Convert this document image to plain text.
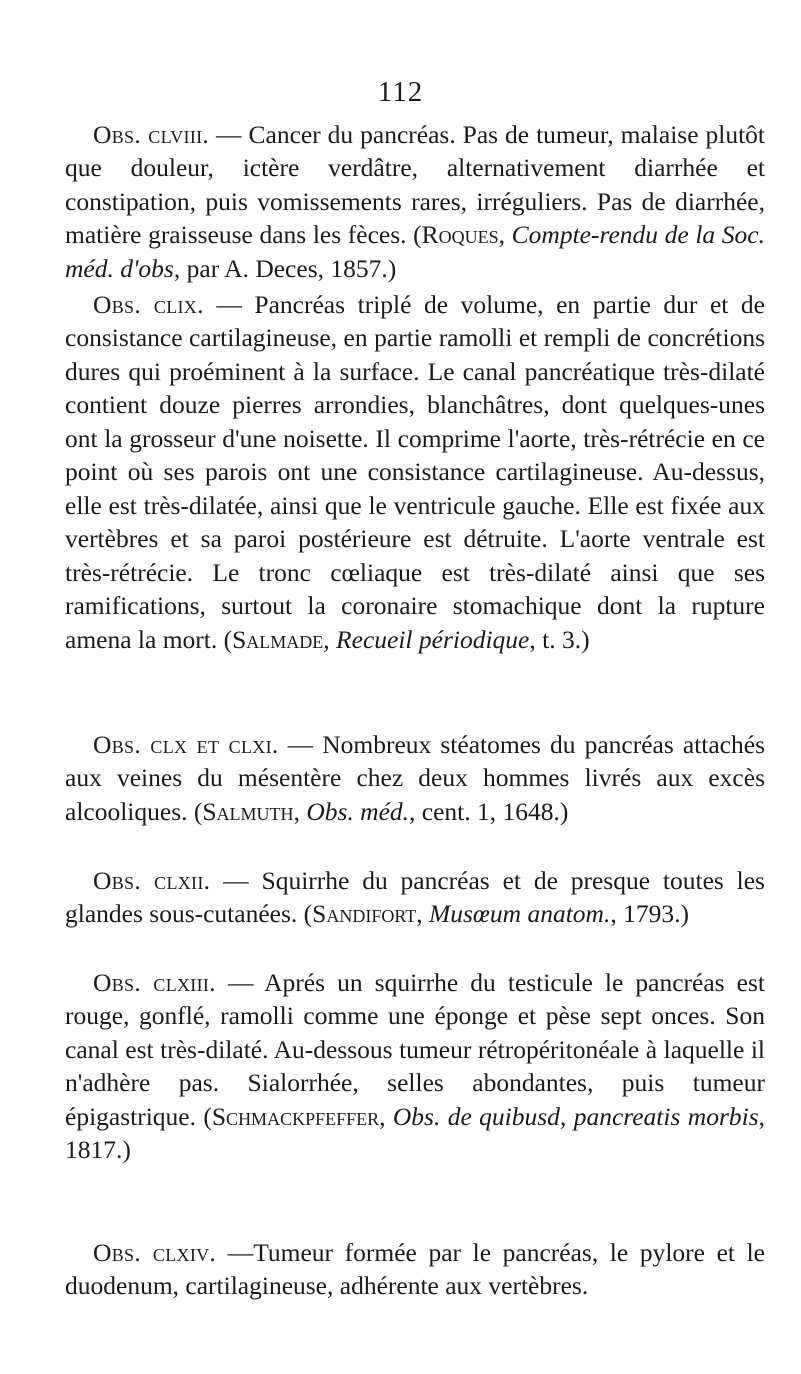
112

Obs. clviii. — Cancer du pancréas. Pas de tumeur, malaise plutôt que douleur, ictère verdâtre, alternativement diarrhée et constipation, puis vomissements rares, irréguliers. Pas de diarrhée, matière graisseuse dans les fèces. (Roques, Compte-rendu de la Soc. méd. d'obs, par A. Deces, 1857.)

Obs. clix. — Pancréas triplé de volume, en partie dur et de consistance cartilagineuse, en partie ramolli et rempli de concrétions dures qui proéminent à la surface. Le canal pancréatique très-dilaté contient douze pierres arrondies, blanchâtres, dont quelques-unes ont la grosseur d'une noisette. Il comprime l'aorte, très-rétrécie en ce point où ses parois ont une consistance cartilagineuse. Au-dessus, elle est très-dilatée, ainsi que le ventricule gauche. Elle est fixée aux vertèbres et sa paroi postérieure est détruite. L'aorte ventrale est très-rétrécie. Le tronc cœliaque est très-dilaté ainsi que ses ramifications, surtout la coronaire stomachique dont la rupture amena la mort. (Salmade, Recueil périodique, t. 3.)

Obs. clx et clxi. — Nombreux stéatomes du pancréas attachés aux veines du mésentère chez deux hommes livrés aux excès alcooliques. (Salmuth, Obs. méd., cent. 1, 1648.)

Obs. clxii. — Squirrhe du pancréas et de presque toutes les glandes sous-cutanées. (Sandifort, Musœum anatom., 1793.)

Obs. clxiii. — Aprés un squirrhe du testicule le pancréas est rouge, gonflé, ramolli comme une éponge et pèse sept onces. Son canal est très-dilaté. Au-dessous tumeur rétropéritonéale à laquelle il n'adhère pas. Sialorrhée, selles abondantes, puis tumeur épigastrique. (Schmackpfeffer, Obs. de quibusd, pancreatis morbis, 1817.)

Obs. clxiv. —Tumeur formée par le pancréas, le pylore et le duodenum, cartilagineuse, adhérente aux vertèbres.
